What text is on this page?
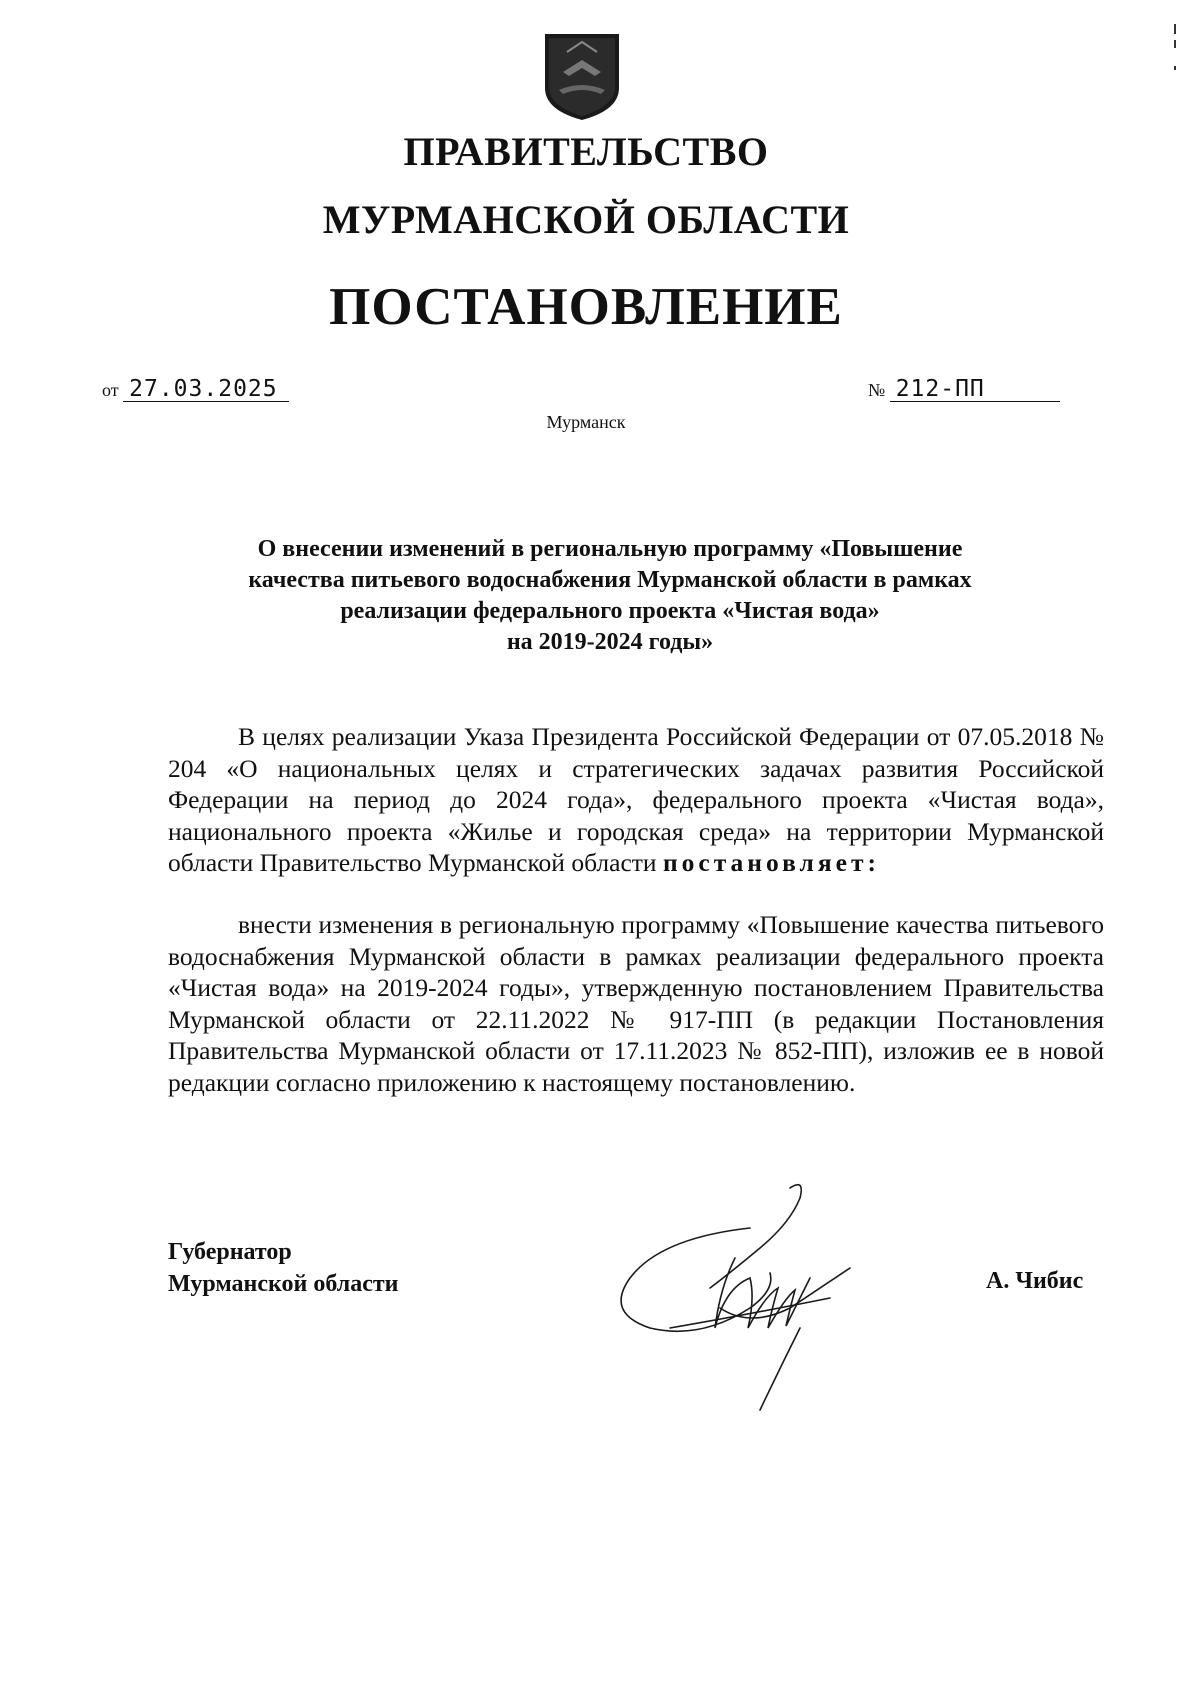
ПРАВИТЕЛЬСТВО
МУРМАНСКОЙ ОБЛАСТИ
ПОСТАНОВЛЕНИЕ
от 27.03.2025	№ 212-ПП
Мурманск
О внесении изменений в региональную программу «Повышение
качества питьевого водоснабжения Мурманской области в рамках
реализации федерального проекта «Чистая вода»
на 2019-2024 годы»
В целях реализации Указа Президента Российской Федерации от 07.05.2018 № 204 «О национальных целях и стратегических задачах развития Российской Федерации на период до 2024 года», федерального проекта «Чистая вода», национального проекта «Жилье и городская среда» на территории Мурманской области Правительство Мурманской области постановляет:
внести изменения в региональную программу «Повышение качества питьевого водоснабжения Мурманской области в рамках реализации федерального проекта «Чистая вода» на 2019-2024 годы», утвержденную постановлением Правительства Мурманской области от 22.11.2022 № 917-ПП (в редакции Постановления Правительства Мурманской области от 17.11.2023 № 852-ПП), изложив ее в новой редакции согласно приложению к настоящему постановлению.
Губернатор
Мурманской области	А. Чибис
